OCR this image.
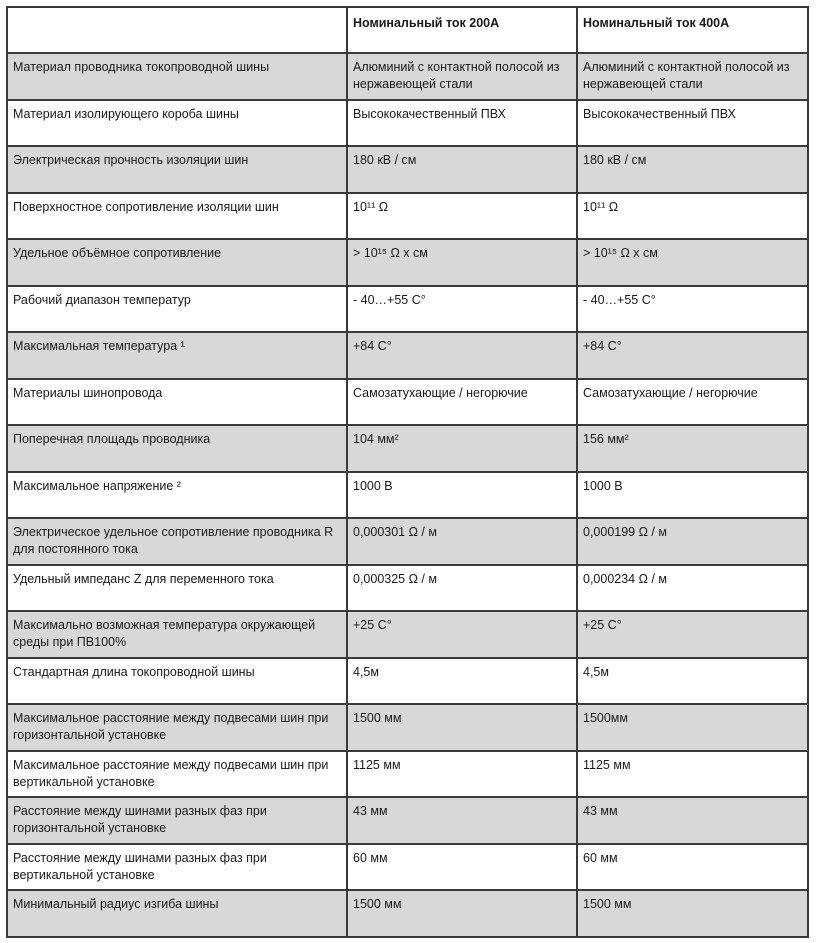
	Номинальный ток 200А	Номинальный ток 400А
Материал проводника токопроводной шины	Алюминий с контактной полосой из нержавеющей стали	Алюминий с контактной полосой из нержавеющей стали
Материал изолирующего короба шины	Высококачественный ПВХ	Высококачественный ПВХ
Электрическая прочность изоляции шин	180 кВ / см	180 кВ / см
Поверхностное сопротивление изоляции шин	10¹¹ Ω	10¹¹ Ω
Удельное объёмное сопротивление	> 10¹⁵ Ω x см	> 10¹⁵ Ω x см
Рабочий диапазон температур	- 40…+55 С°	- 40…+55 С°
Максимальная температура ¹	+84 С°	+84 С°
Материалы шинопровода	Самозатухающие / негорючие	Самозатухающие / негорючие
Поперечная площадь проводника	104 мм²	156 мм²
Максимальное напряжение ²	1000 В	1000 В
Электрическое удельное сопротивление проводника R для постоянного тока	0,000301 Ω / м	0,000199 Ω / м
Удельный импеданс Z для переменного тока	0,000325 Ω / м	0,000234 Ω / м
Максимально возможная температура окружающей среды при ПВ100%	+25 С°	+25 С°
Стандартная длина токопроводной шины	4,5м	4,5м
Максимальное расстояние между подвесами шин при горизонтальной установке	1500 мм	1500мм
Максимальное расстояние между подвесами шин при вертикальной установке	1125 мм	1125 мм
Расстояние между шинами разных фаз при горизонтальной установке	43 мм	43 мм
Расстояние между шинами разных фаз при вертикальной установке	60 мм	60 мм
Минимальный радиус изгиба шины	1500 мм	1500 мм
